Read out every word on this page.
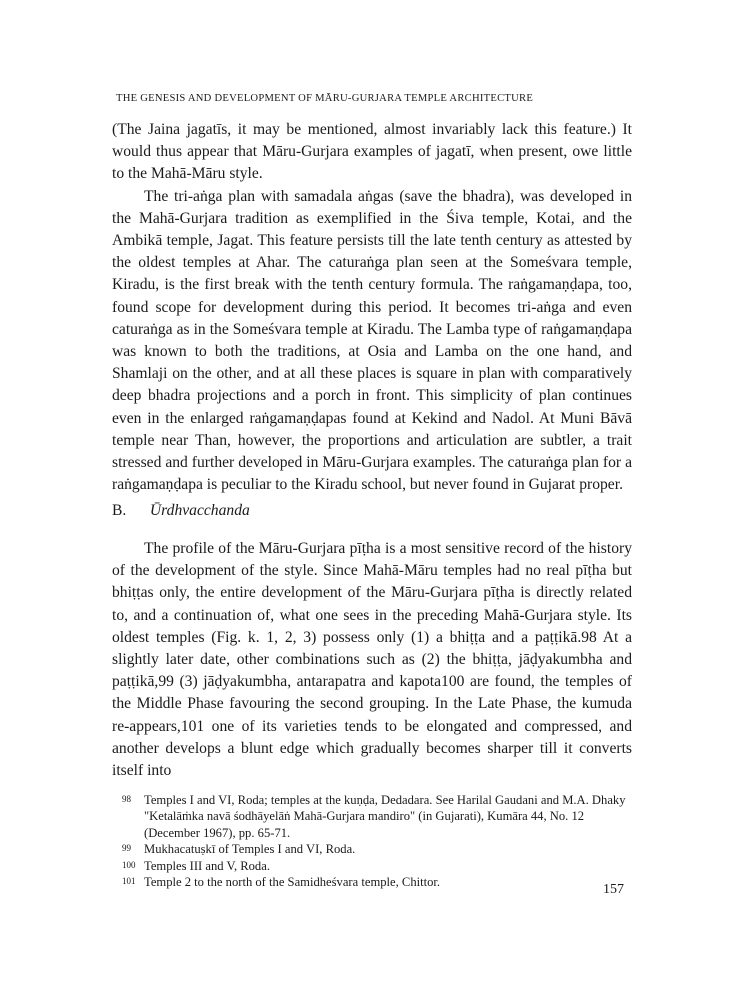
THE GENESIS AND DEVELOPMENT OF MĀRU-GURJARA TEMPLE ARCHITECTURE

(The Jaina jagatīs, it may be mentioned, almost invariably lack this feature.) It would thus appear that Māru-Gurjara examples of jagatī, when present, owe little to the Mahā-Māru style.

The tri-aṅga plan with samadala aṅgas (save the bhadra), was developed in the Mahā-Gurjara tradition as exemplified in the Śiva temple, Kotai, and the Ambikā temple, Jagat. This feature persists till the late tenth century as attested by the oldest temples at Ahar. The caturaṅga plan seen at the Someśvara temple, Kiradu, is the first break with the tenth century formula. The raṅgamaṇḍapa, too, found scope for development during this period. It becomes tri-aṅga and even caturaṅga as in the Someśvara temple at Kiradu. The Lamba type of raṅgamaṇḍapa was known to both the traditions, at Osia and Lamba on the one hand, and Shamlaji on the other, and at all these places is square in plan with comparatively deep bhadra projections and a porch in front. This simplicity of plan continues even in the enlarged raṅgamaṇḍapas found at Kekind and Nadol. At Muni Bāvā temple near Than, however, the proportions and articulation are subtler, a trait stressed and further developed in Māru-Gurjara examples. The caturaṅga plan for a raṅgamaṇḍapa is peculiar to the Kiradu school, but never found in Gujarat proper.

B. Ūrdhvacchanda

The profile of the Māru-Gurjara pīṭha is a most sensitive record of the history of the development of the style. Since Mahā-Māru temples had no real pīṭha but bhiṭṭas only, the entire development of the Māru-Gurjara pīṭha is directly related to, and a continuation of, what one sees in the preceding Mahā-Gurjara style. Its oldest temples (Fig. k. 1, 2, 3) possess only (1) a bhiṭṭa and a paṭṭikā.98 At a slightly later date, other combinations such as (2) the bhiṭṭa, jāḍyakumbha and paṭṭikā,99 (3) jāḍyakumbha, antarapatra and kapota100 are found, the temples of the Middle Phase favouring the second grouping. In the Late Phase, the kumuda re-appears,101 one of its varieties tends to be elongated and compressed, and another develops a blunt edge which gradually becomes sharper till it converts itself into

98 Temples I and VI, Roda; temples at the kuṇḍa, Dedadara. See Harilal Gaudani and M.A. Dhaky "Ketalāṁka navā śodhāyelāṅ Mahā-Gurjara mandiro" (in Gujarati), Kumāra 44, No. 12 (December 1967), pp. 65-71.
99 Mukhacatuṣkī of Temples I and VI, Roda.
100 Temples III and V, Roda.
101 Temple 2 to the north of the Samidheśvara temple, Chittor.	157
